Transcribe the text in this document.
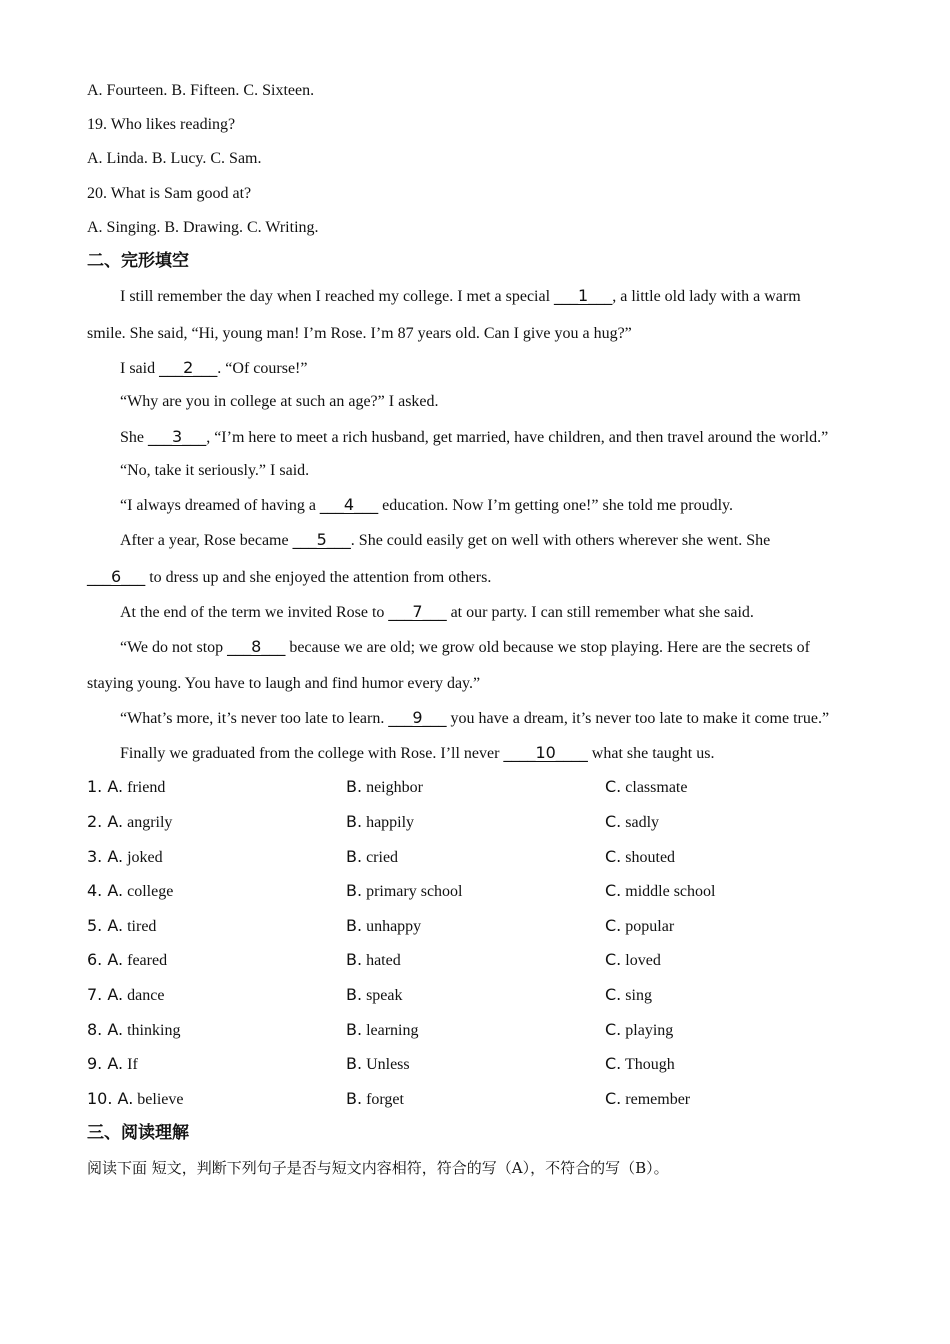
A. Fourteen. B. Fifteen. C. Sixteen.
19. Who likes reading?
A. Linda. B. Lucy. C. Sam.
20. What is Sam good at?
A. Singing. B. Drawing. C. Writing.
二、完形填空
I still remember the day when I reached my college. I met a special ___1___, a little old lady with a warm
smile. She said, “Hi, young man! I’m Rose. I’m 87 years old. Can I give you a hug?”
I said ___2___. “Of course!”
“Why are you in college at such an age?” I asked.
She ___3___, “I’m here to meet a rich husband, get married, have children, and then travel around the world.”
“No, take it seriously.” I said.
“I always dreamed of having a ___4___ education. Now I’m getting one!” she told me proudly.
After a year, Rose became ___5___. She could easily get on well with others wherever she went. She
___6___ to dress up and she enjoyed the attention from others.
At the end of the term we invited Rose to ___7___ at our party. I can still remember what she said.
“We do not stop ___8___ because we are old; we grow old because we stop playing. Here are the secrets of
staying young. You have to laugh and find humor every day.”
“What’s more, it’s never too late to learn. ___9___ you have a dream, it’s never too late to make it come true.”
Finally we graduated from the college with Rose. I’ll never ____10____ what she taught us.
1. A. friend	B. neighbor	C. classmate
2. A. angrily	B. happily	C. sadly
3. A. joked	B. cried	C. shouted
4. A. college	B. primary school	C. middle school
5. A. tired	B. unhappy	C. popular
6. A. feared	B. hated	C. loved
7. A. dance	B. speak	C. sing
8. A. thinking	B. learning	C. playing
9. A. If	B. Unless	C. Though
10. A. believe	B. forget	C. remember
三、阅读理解
阅读下面 短文，判断下列句子是否与短文内容相符，符合的写（A），不符合的写（B）。
